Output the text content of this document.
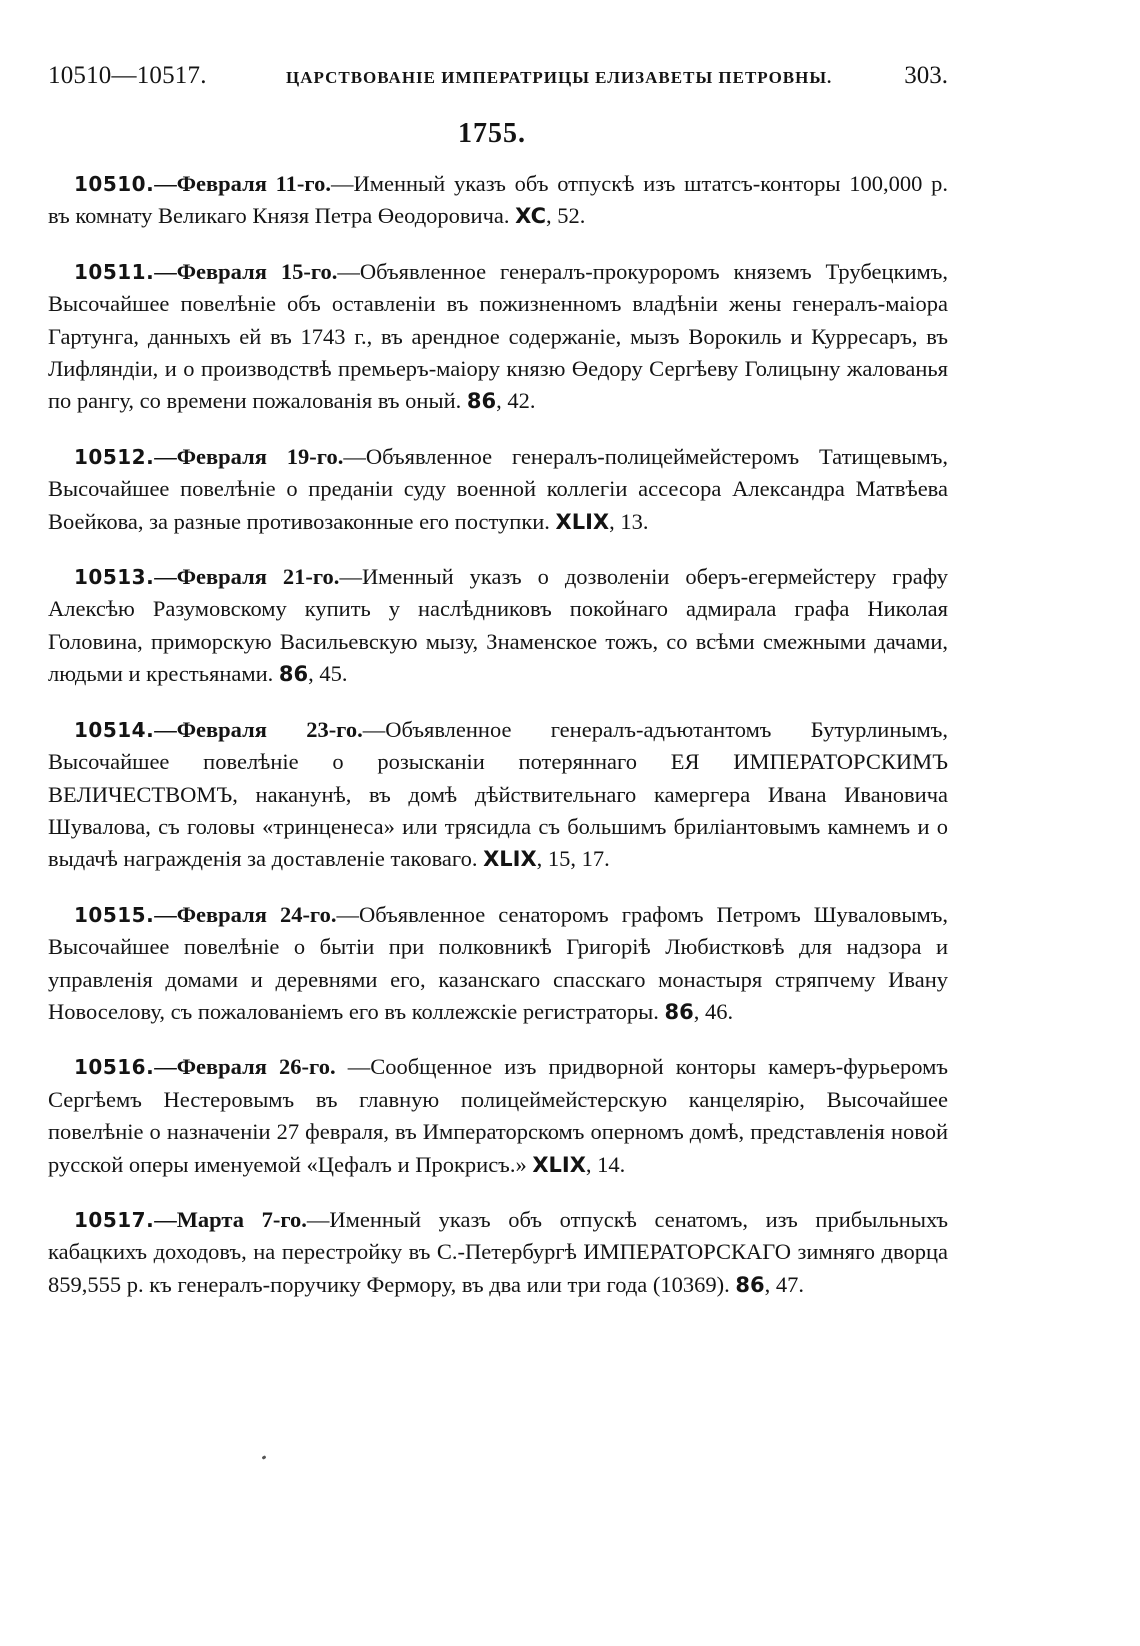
10510—10517.	ЦАРСТВОВАНІЕ ИМПЕРАТРИЦЫ ЕЛИЗАВЕТЫ ПЕТРОВНЫ.	303.
1755.

10510.—Февраля 11-го.—Именный указъ объ отпускѣ изъ штатсъ-конторы 100,000 р. въ комнату Великаго Князя Петра Өеодоровича. XC, 52.

10511.—Февраля 15-го.—Объявленное генералъ-прокуроромъ княземъ Трубецкимъ, Высочайшее повелѣніе объ оставленіи въ пожизненномъ владѣніи жены генералъ-маіора Гартунга, данныхъ ей въ 1743 г., въ арендное содержаніе, мызъ Ворокиль и Курресаръ, въ Лифляндіи, и о производствѣ премьеръ-маіору князю Өедору Сергѣеву Голицыну жалованья по рангу, со времени пожалованія въ оный. 86, 42.

10512.—Февраля 19-го.—Объявленное генералъ-полицеймейстеромъ Татищевымъ, Высочайшее повелѣніе о преданіи суду военной коллегіи ассесора Александра Матвѣева Воейкова, за разные противозаконные его поступки. XLIX, 13.

10513.—Февраля 21-го.—Именный указъ о дозволеніи оберъ-егермейстеру графу Алексѣю Разумовскому купить у наслѣдниковъ покойнаго адмирала графа Николая Головина, приморскую Васильевскую мызу, Знаменское тожъ, со всѣми смежными дачами, людьми и крестьянами. 86, 45.

10514.—Февраля 23-го.—Объявленное генералъ-адъютантомъ Бутурлинымъ, Высочайшее повелѣніе о розысканіи потеряннаго ЕЯ ИМПЕРАТОРСКИМЪ ВЕЛИЧЕСТВОМЪ, наканунѣ, въ домѣ дѣйствительнаго камергера Ивана Ивановича Шувалова, съ головы «тринценеса» или трясидла съ большимъ бриліантовымъ камнемъ и о выдачѣ награжденія за доставленіе таковаго. XLIX, 15, 17.

10515.—Февраля 24-го.—Объявленное сенаторомъ графомъ Петромъ Шуваловымъ, Высочайшее повелѣніе о бытіи при полковникѣ Григоріѣ Любистковѣ для надзора и управленія домами и деревнями его, казанскаго спасскаго монастыря стряпчему Ивану Новоселову, съ пожалованіемъ его въ коллежскіе регистраторы. 86, 46.

10516.—Февраля 26-го. —Сообщенное изъ придворной конторы камеръ-фурьеромъ Сергѣемъ Нестеровымъ въ главную полицеймейстерскую канцелярію, Высочайшее повелѣніе о назначеніи 27 февраля, въ Императорскомъ оперномъ домѣ, представленія новой русской оперы именуемой «Цефалъ и Прокрисъ.» XLIX, 14.

10517.—Марта 7-го.—Именный указъ объ отпускѣ сенатомъ, изъ прибыльныхъ кабацкихъ доходовъ, на перестройку въ С.-Петербургѣ ИМПЕРАТОРСКАГО зимняго дворца 859,555 р. къ генералъ-поручику Фермору, въ два или три года (10369). 86, 47.
